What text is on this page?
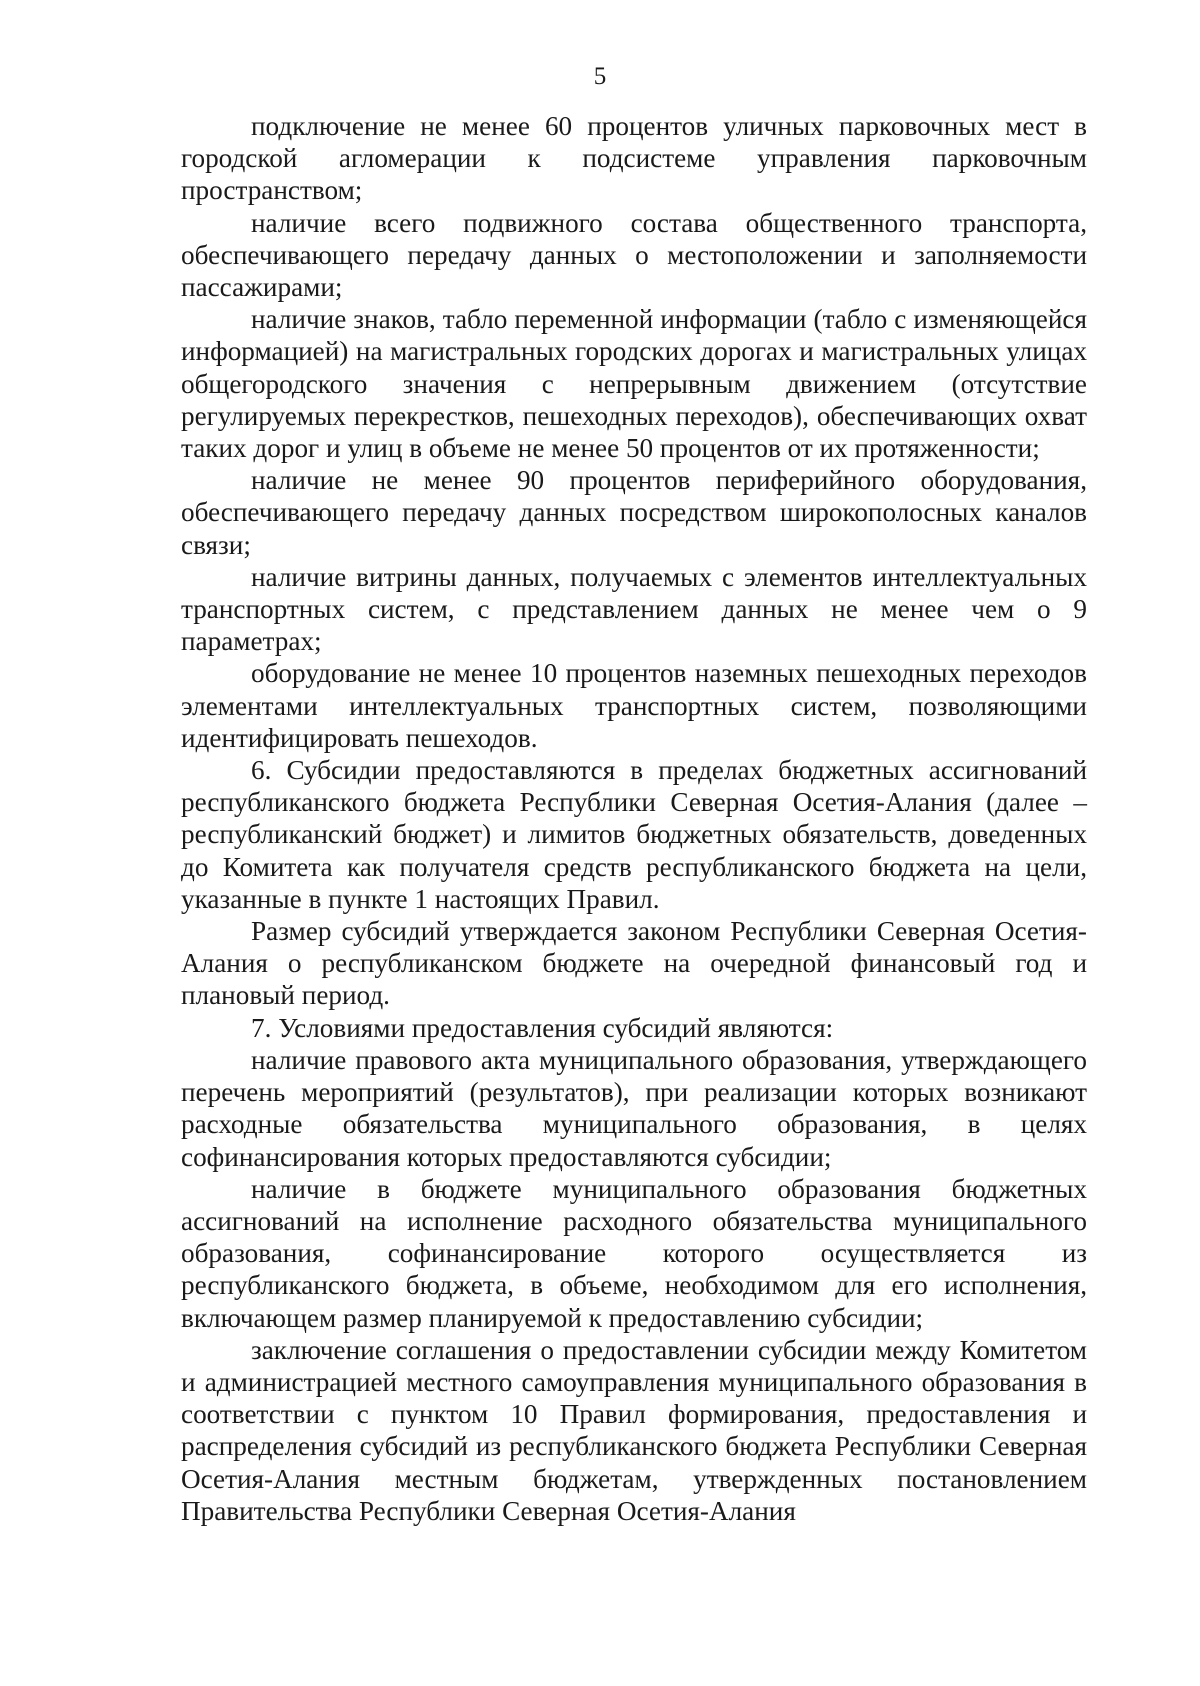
5

подключение не менее 60 процентов уличных парковочных мест в городской агломерации к подсистеме управления парковочным пространством;

наличие всего подвижного состава общественного транспорта, обеспечивающего передачу данных о местоположении и заполняемости пассажирами;

наличие знаков, табло переменной информации (табло с изменяющейся информацией) на магистральных городских дорогах и магистральных улицах общегородского значения с непрерывным движением (отсутствие регулируемых перекрестков, пешеходных переходов), обеспечивающих охват таких дорог и улиц в объеме не менее 50 процентов от их протяженности;

наличие не менее 90 процентов периферийного оборудования, обеспечивающего передачу данных посредством широкополосных каналов связи;

наличие витрины данных, получаемых с элементов интеллектуальных транспортных систем, с представлением данных не менее чем о 9 параметрах;

оборудование не менее 10 процентов наземных пешеходных переходов элементами интеллектуальных транспортных систем, позволяющими идентифицировать пешеходов.

6. Субсидии предоставляются в пределах бюджетных ассигнований республиканского бюджета Республики Северная Осетия-Алания (далее – республиканский бюджет) и лимитов бюджетных обязательств, доведенных до Комитета как получателя средств республиканского бюджета на цели, указанные в пункте 1 настоящих Правил.

Размер субсидий утверждается законом Республики Северная Осетия-Алания о республиканском бюджете на очередной финансовый год и плановый период.

7. Условиями предоставления субсидий являются:

наличие правового акта муниципального образования, утверждающего перечень мероприятий (результатов), при реализации которых возникают расходные обязательства муниципального образования, в целях софинансирования которых предоставляются субсидии;

наличие в бюджете муниципального образования бюджетных ассигнований на исполнение расходного обязательства муниципального образования, софинансирование которого осуществляется из республиканского бюджета, в объеме, необходимом для его исполнения, включающем размер планируемой к предоставлению субсидии;

заключение соглашения о предоставлении субсидии между Комитетом и администрацией местного самоуправления муниципального образования в соответствии с пунктом 10 Правил формирования, предоставления и распределения субсидий из республиканского бюджета Республики Северная Осетия-Алания местным бюджетам, утвержденных постановлением Правительства Республики Северная Осетия-Алания
